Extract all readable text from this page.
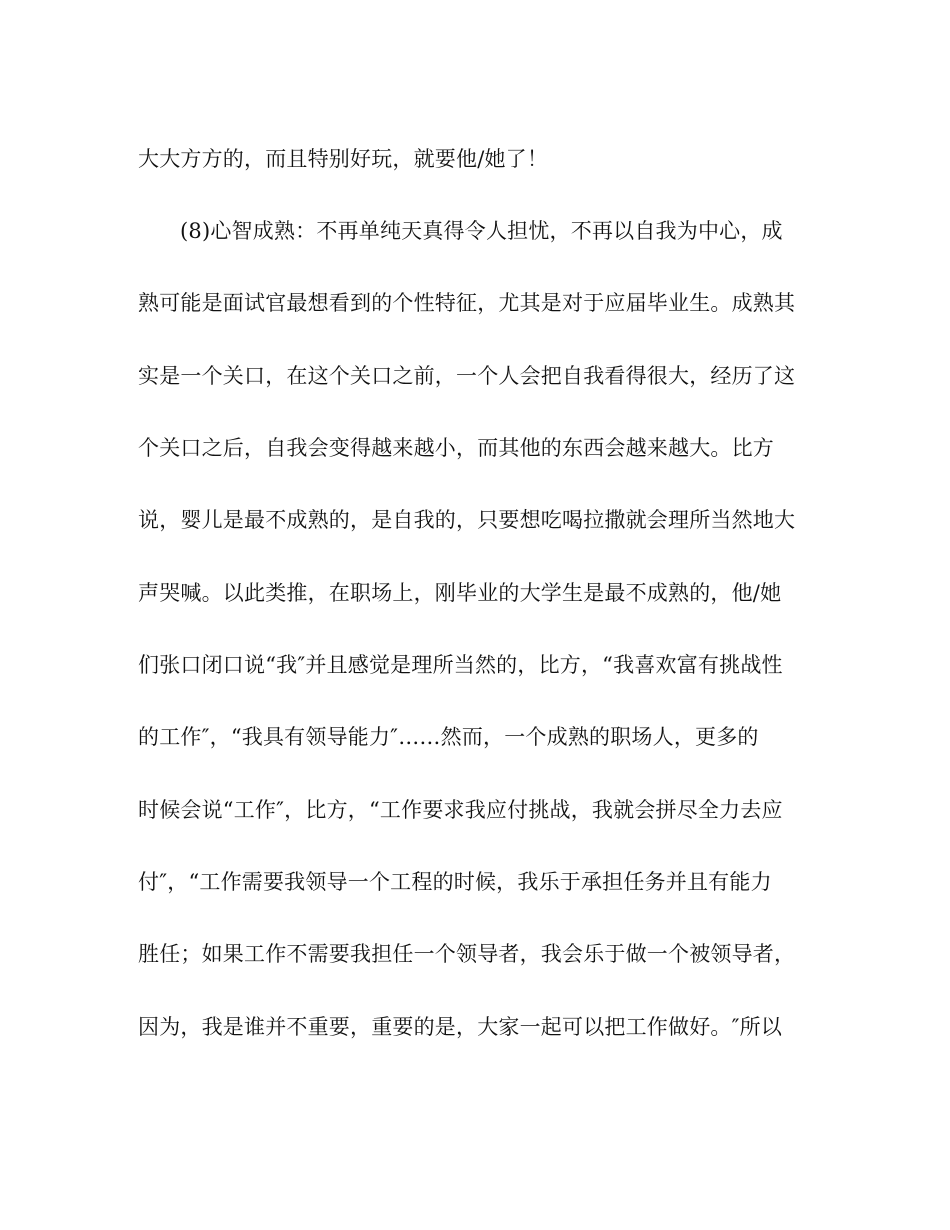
大大方方的，而且特别好玩，就要他/她了！
(8)心智成熟：不再单纯天真得令人担忧，不再以自我为中心，成
熟可能是面试官最想看到的个性特征，尤其是对于应届毕业生。成熟其
实是一个关口，在这个关口之前，一个人会把自我看得很大，经历了这
个关口之后，自我会变得越来越小，而其他的东西会越来越大。比方
说，婴儿是最不成熟的，是自我的，只要想吃喝拉撒就会理所当然地大
声哭喊。以此类推，在职场上，刚毕业的大学生是最不成熟的，他/她
们张口闭口说“我″并且感觉是理所当然的，比方，“我喜欢富有挑战性
的工作″，“我具有领导能力″……然而，一个成熟的职场人，更多的
时候会说“工作″，比方，“工作要求我应付挑战，我就会拼尽全力去应
付″，“工作需要我领导一个工程的时候，我乐于承担任务并且有能力
胜任；如果工作不需要我担任一个领导者，我会乐于做一个被领导者，
因为，我是谁并不重要，重要的是，大家一起可以把工作做好。″所以
